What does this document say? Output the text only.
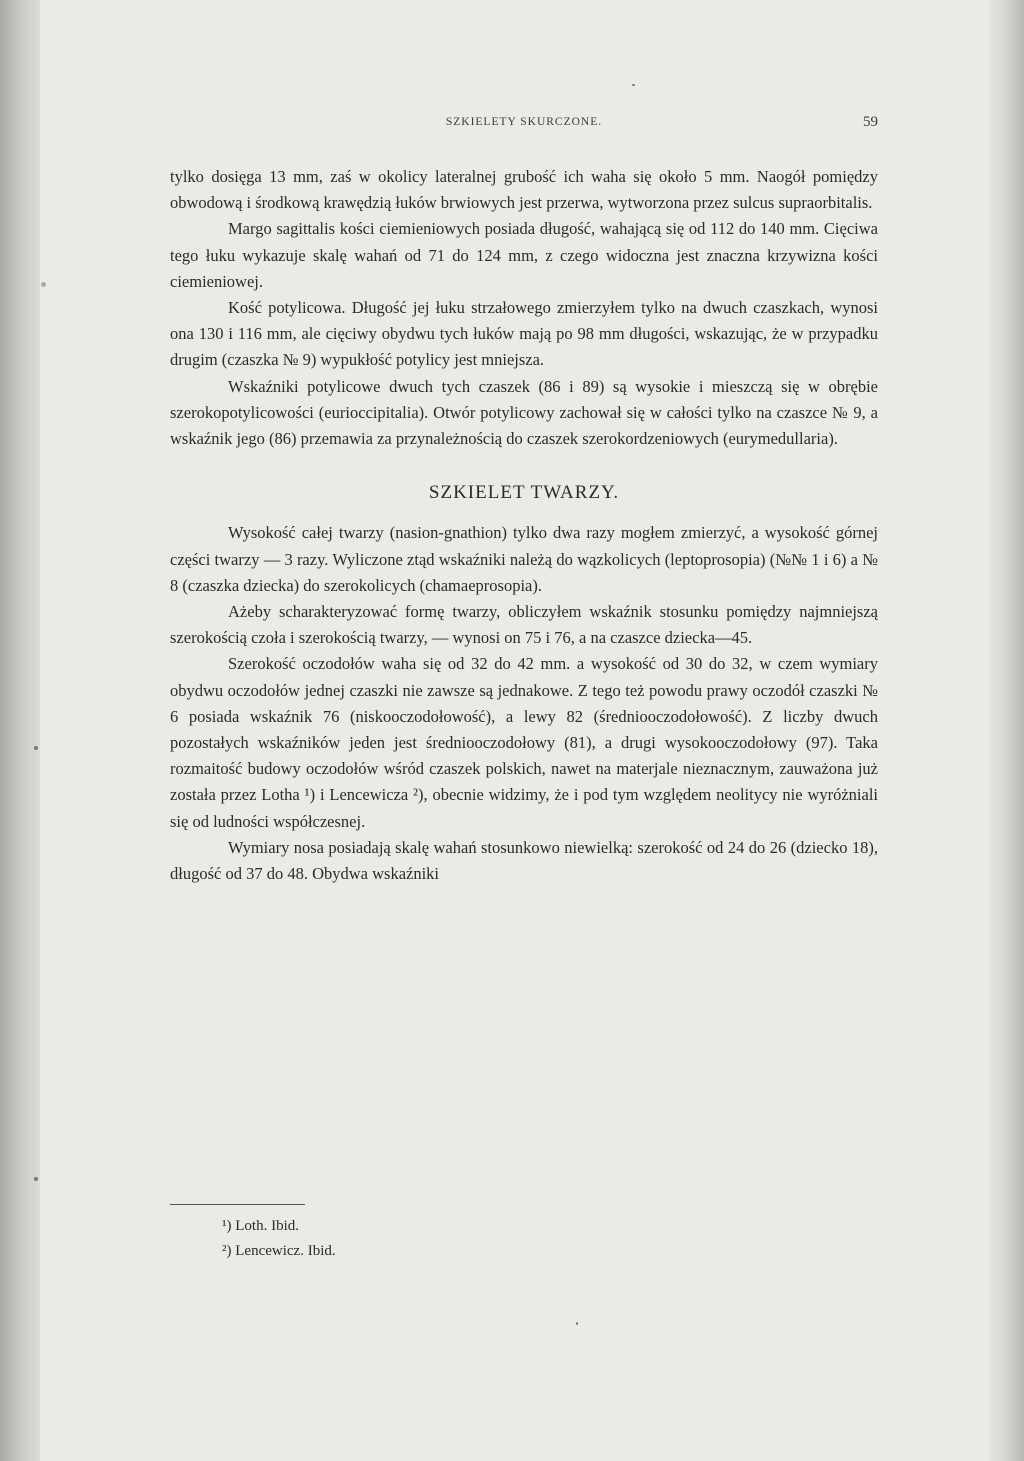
SZKIELETY SKURCZONE.	59

tylko dosięga 13 mm, zaś w okolicy lateralnej grubość ich waha się około 5 mm. Naogół pomiędzy obwodową i środkową krawędzią łuków brwiowych jest przerwa, wytworzona przez sulcus supraorbitalis.

Margo sagittalis kości ciemieniowych posiada długość, wahającą się od 112 do 140 mm. Cięciwa tego łuku wykazuje skalę wahań od 71 do 124 mm, z czego widoczna jest znaczna krzywizna kości ciemieniowej.

Kość potylicowa. Długość jej łuku strzałowego zmierzyłem tylko na dwuch czaszkach, wynosi ona 130 i 116 mm, ale cięciwy obydwu tych łuków mają po 98 mm długości, wskazując, że w przypadku drugim (czaszka № 9) wypukłość potylicy jest mniejsza.

Wskaźniki potylicowe dwuch tych czaszek (86 i 89) są wysokie i mieszczą się w obrębie szerokopotylicowości (eurioccipitalia). Otwór potylicowy zachował się w całości tylko na czaszce № 9, a wskaźnik jego (86) przemawia za przynależnością do czaszek szerokordzeniowych (eurymedullaria).

SZKIELET TWARZY.

Wysokość całej twarzy (nasion-gnathion) tylko dwa razy mogłem zmierzyć, a wysokość górnej części twarzy — 3 razy. Wyliczone ztąd wskaźniki należą do wązkolicych (leptoprosopia) (№№ 1 i 6) a № 8 (czaszka dziecka) do szerokolicych (chamaeprosopia).

Ażeby scharakteryzować formę twarzy, obliczyłem wskaźnik stosunku pomiędzy najmniejszą szerokością czoła i szerokością twarzy, — wynosi on 75 i 76, a na czaszce dziecka—45.

Szerokość oczodołów waha się od 32 do 42 mm. a wysokość od 30 do 32, w czem wymiary obydwu oczodołów jednej czaszki nie zawsze są jednakowe. Z tego też powodu prawy oczodół czaszki № 6 posiada wskaźnik 76 (niskooczodołowość), a lewy 82 (średniooczodołowość). Z liczby dwuch pozostałych wskaźników jeden jest średniooczodołowy (81), a drugi wysokooczodołowy (97). Taka rozmaitość budowy oczodołów wśród czaszek polskich, nawet na materjale nieznacznym, zauważona już została przez Lotha ¹) i Lencewicza ²), obecnie widzimy, że i pod tym względem neolitycy nie wyróżniali się od ludności współczesnej.

Wymiary nosa posiadają skalę wahań stosunkowo niewielką: szerokość od 24 do 26 (dziecko 18), długość od 37 do 48. Obydwa wskaźniki

¹) Loth. Ibid.
²) Lencewicz. Ibid.
